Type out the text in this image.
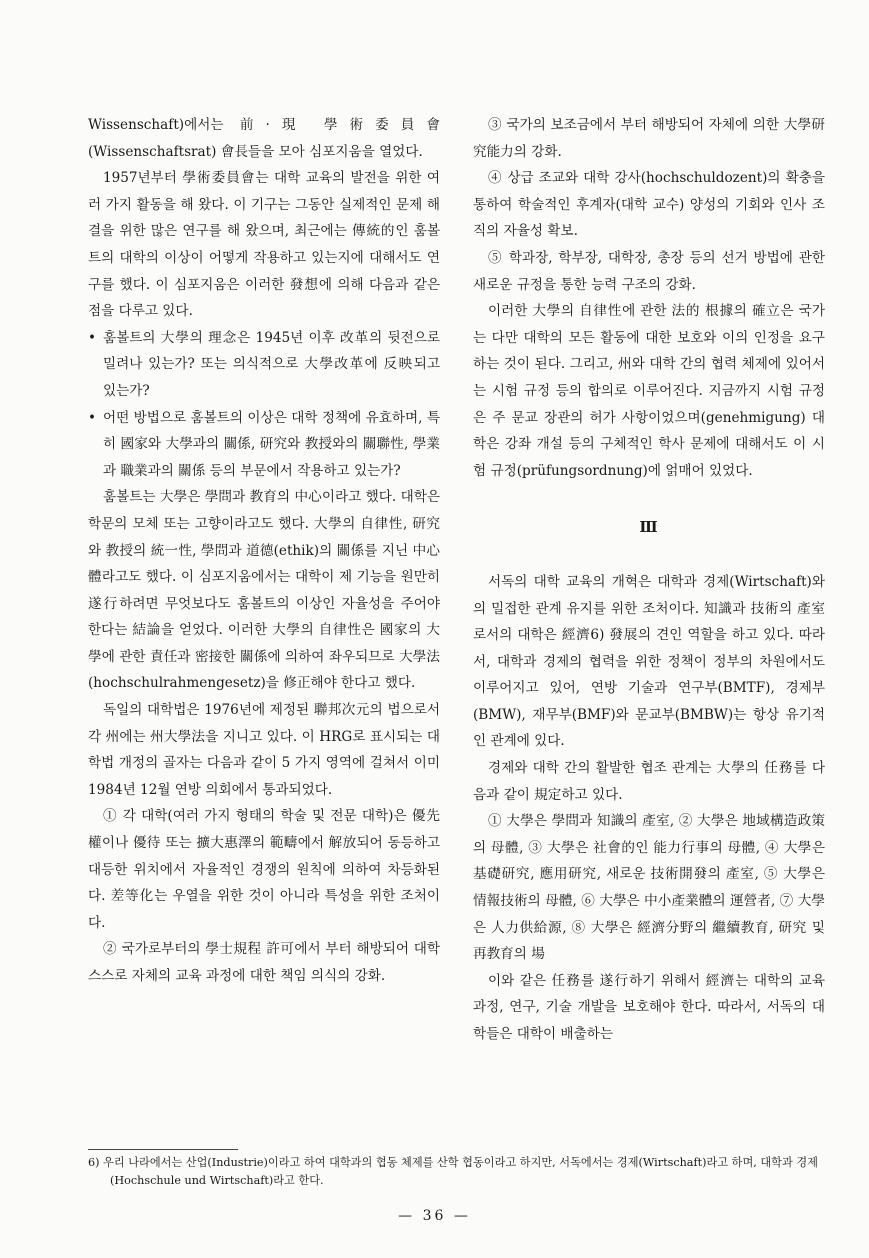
Wissenschaft)에서는 前·現 學術委員會(Wissenschaftsrat) 會長들을 모아 심포지움을 열었다.

1957년부터 學術委員會는 대학 교육의 발전을 위한 여러 가지 활동을 해 왔다. 이 기구는 그동안 실제적인 문제 해결을 위한 많은 연구를 해 왔으며, 최근에는 傳統的인 훔볼트의 대학의 이상이 어떻게 작용하고 있는지에 대해서도 연구를 했다. 이 심포지움은 이러한 發想에 의해 다음과 같은 점을 다루고 있다.

• 훔볼트의 大學의 理念은 1945년 이후 改革의 뒷전으로 밀려나 있는가? 또는 의식적으로 大學改革에 反映되고 있는가?

• 어떤 방법으로 훔볼트의 이상은 대학 정책에 유효하며, 특히 國家와 大學과의 關係, 研究와 教授와의 關聯性, 學業과 職業과의 關係 등의 부문에서 작용하고 있는가?

훔볼트는 大學은 學問과 教育의 中心이라고 했다. 대학은 학문의 모체 또는 고향이라고도 했다. 大學의 自律性, 研究와 教授의 統一性, 學問과 道德(ethik)의 關係를 지닌 中心體라고도 했다. 이 심포지움에서는 대학이 제 기능을 원만히 遂行하려면 무엇보다도 훔볼트의 이상인 자율성을 주어야 한다는 結論을 얻었다. 이러한 大學의 自律性은 國家의 大學에 관한 責任과 密接한 關係에 의하여 좌우되므로 大學法(hochschulrahmengesetz)을 修正해야 한다고 했다.

독일의 대학법은 1976년에 제정된 聯邦次元의 법으로서 각 州에는 州大學法을 지니고 있다. 이 HRG로 표시되는 대학법 개정의 골자는 다음과 같이 5 가지 영역에 걸쳐서 이미 1984년 12월 연방 의회에서 통과되었다.

① 각 대학(여러 가지 형태의 학술 및 전문 대학)은 優先權이나 優待 또는 擴大惠澤의 範疇에서 解放되어 동등하고 대등한 위치에서 자율적인 경쟁의 원칙에 의하여 차등화된다. 差等化는 우열을 위한 것이 아니라 특성을 위한 조처이다.

② 국가로부터의 學士規程 許可에서 부터 해방되어 대학 스스로 자체의 교육 과정에 대한 책임 의식의 강화.

③ 국가의 보조금에서 부터 해방되어 자체에 의한 大學研究能力의 강화.

④ 상급 조교와 대학 강사(hochschuldozent)의 확충을 통하여 학술적인 후계자(대학 교수) 양성의 기회와 인사 조직의 자율성 확보.

⑤ 학과장, 학부장, 대학장, 총장 등의 선거 방법에 관한 새로운 규정을 통한 능력 구조의 강화.

이러한 大學의 自律性에 관한 法的 根據의 確立은 국가는 다만 대학의 모든 활동에 대한 보호와 이의 인정을 요구하는 것이 된다. 그리고, 州와 대학 간의 협력 체제에 있어서는 시험 규정 등의 합의로 이루어진다. 지금까지 시험 규정은 주 문교 장관의 허가 사항이었으며(genehmigung) 대학은 강좌 개설 등의 구체적인 학사 문제에 대해서도 이 시험 규정(prüfungsordnung)에 얽매어 있었다.

Ⅲ

서독의 대학 교육의 개혁은 대학과 경제(Wirtschaft)와의 밀접한 관계 유지를 위한 조처이다. 知識과 技術의 產室로서의 대학은 經濟6) 發展의 견인 역할을 하고 있다. 따라서, 대학과 경제의 협력을 위한 정책이 정부의 차원에서도 이루어지고 있어, 연방 기술과 연구부(BMTF), 경제부(BMW), 재무부(BMF)와 문교부(BMBW)는 항상 유기적인 관계에 있다.

경제와 대학 간의 활발한 협조 관계는 大學의 任務를 다음과 같이 規定하고 있다.

① 大學은 學問과 知識의 產室, ② 大學은 地域構造政策의 母體, ③ 大學은 社會的인 能力行事의 母體, ④ 大學은 基礎研究, 應用研究, 새로운 技術開發의 產室, ⑤ 大學은 情報技術의 母體, ⑥ 大學은 中小產業體의 運營者, ⑦ 大學은 人力供給源, ⑧ 大學은 經濟分野의 繼續教育, 研究 및 再教育의 場

이와 같은 任務를 遂行하기 위해서 經濟는 대학의 교육 과정, 연구, 기술 개발을 보호해야 한다. 따라서, 서독의 대학들은 대학이 배출하는

6) 우리 나라에서는 산업(Industrie)이라고 하여 대학과의 협동 체제를 산학 협동이라고 하지만, 서독에서는 경제(Wirtschaft)라고 하며, 대학과 경제(Hochschule und Wirtschaft)라고 한다.
— 36 —
